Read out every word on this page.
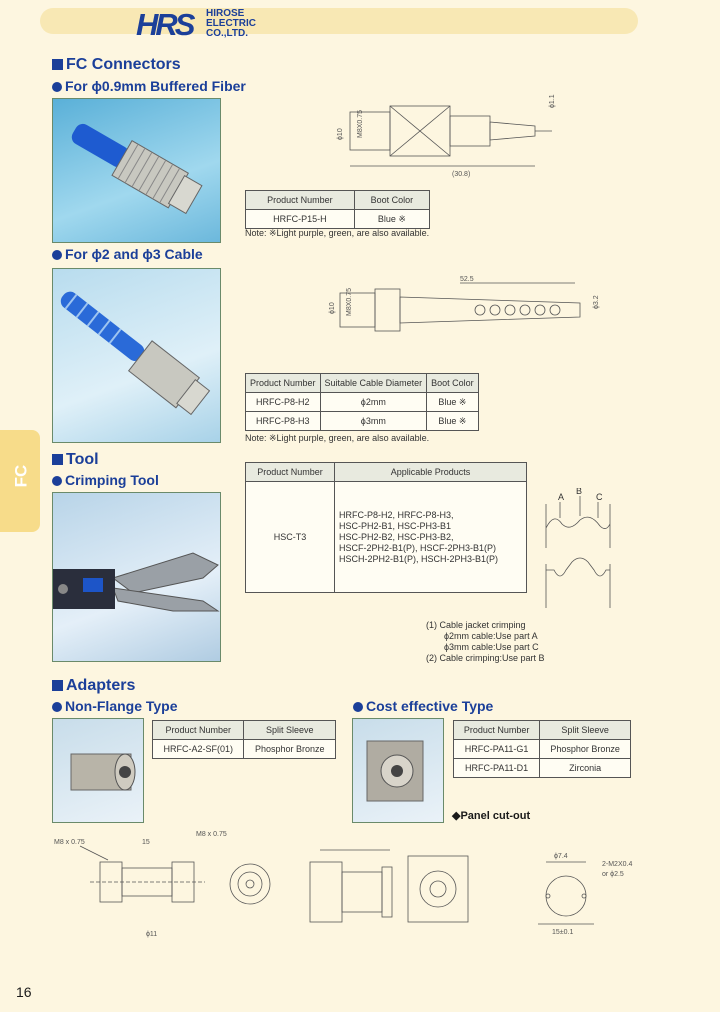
HRS	HIROSE
ELECTRIC
CO.,LTD.
FC
FC Connectors
For ϕ0.9mm Buffered Fiber
ϕ10 M8X0.75
ϕ1.1
(30.8)
Product Number	Boot Color
HRFC-P15-H	Blue ※
Note: ※Light purple, green, are also available.
For ϕ2 and ϕ3 Cable
52.5
ϕ10 M8X0.75	ϕ3.2
Product Number	Suitable Cable Diameter	Boot Color
HRFC-P8-H2	ϕ2mm	Blue ※
HRFC-P8-H3	ϕ3mm	Blue ※
Note: ※Light purple, green, are also available.
Tool
Crimping Tool	Product Number	Applicable Products
HSC-T3	HRFC-P8-H2, HRFC-P8-H3,
HSC-PH2-B1, HSC-PH3-B1
HSC-PH2-B2, HSC-PH3-B2,
HSCF-2PH2-B1(P), HSCF-2PH3-B1(P)
HSCH-2PH2-B1(P), HSCH-2PH3-B1(P)
A
B
C
(1) Cable jacket crimping
ϕ2mm cable:Use part A
ϕ3mm cable:Use part C
(2) Cable crimping:Use part B
Adapters
Non-Flange Type
Product Number	Split Sleeve
HRFC-A2-SF(01)	Phosphor Bronze
Cost effective Type
Product Number	Split Sleeve
HRFC-PA11-G1	Phosphor Bronze
HRFC-PA11-D1	Zirconia
◆Panel cut-out
M8 x 0.75	15
M8 x 0.75
ϕ11
ϕ7.4
2-M2X0.4
or ϕ2.5
15±0.1
16
